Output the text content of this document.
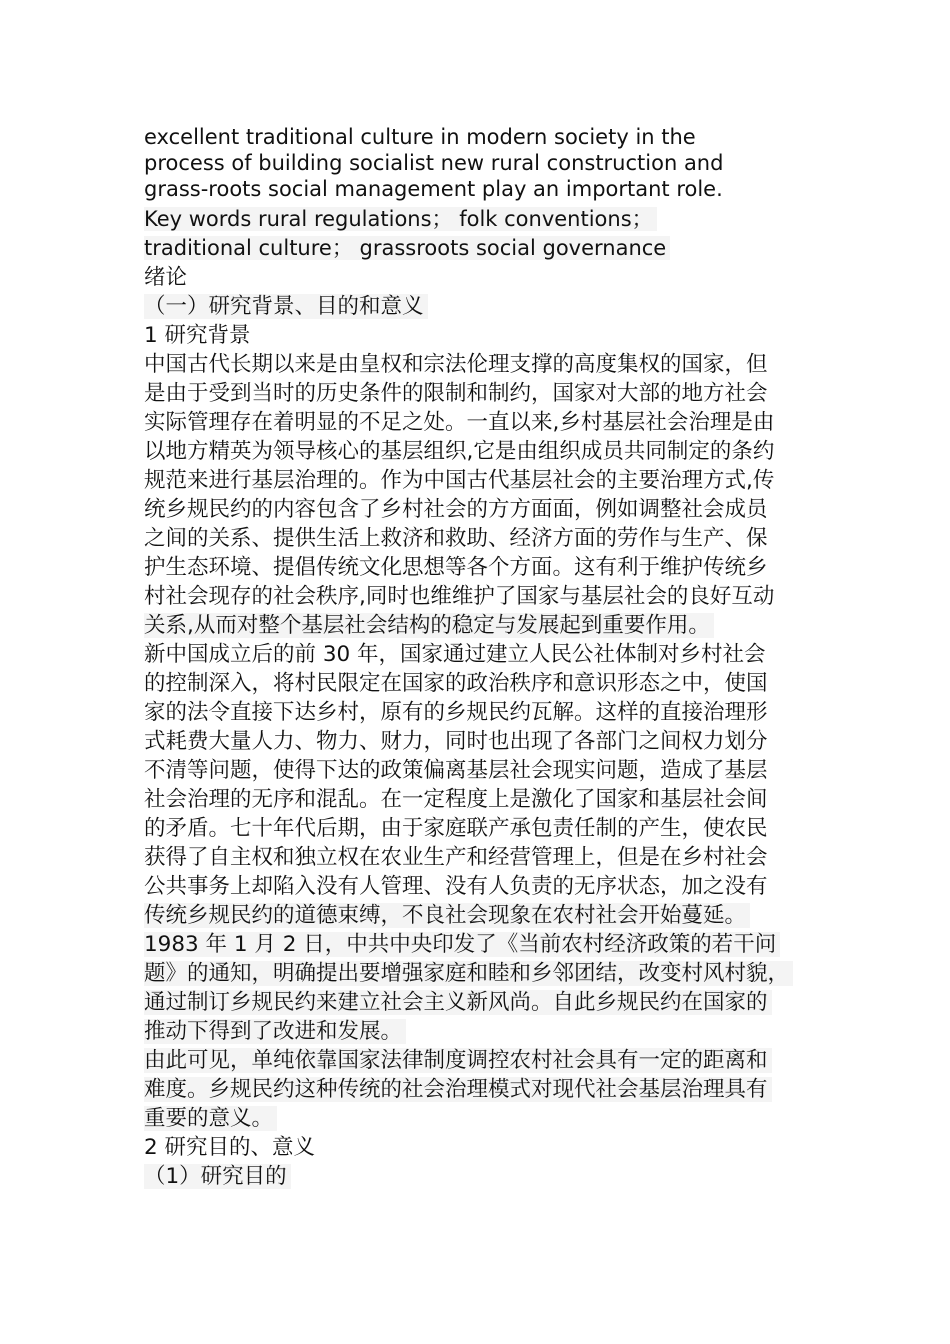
excellent traditional culture in modern society in the
process of building socialist new rural construction and
grass-roots social management play an important role.
Key words rural regulations； folk conventions；
traditional culture； grassroots social governance
绪论
（一）研究背景、目的和意义
1 研究背景
中国古代长期以来是由皇权和宗法伦理支撑的高度集权的国家，但
是由于受到当时的历史条件的限制和制约，国家对大部的地方社会
实际管理存在着明显的不足之处。一直以来,乡村基层社会治理是由
以地方精英为领导核心的基层组织,它是由组织成员共同制定的条约
规范来进行基层治理的。作为中国古代基层社会的主要治理方式,传
统乡规民约的内容包含了乡村社会的方方面面，例如调整社会成员
之间的关系、提供生活上救济和救助、经济方面的劳作与生产、保
护生态环境、提倡传统文化思想等各个方面。这有利于维护传统乡
村社会现存的社会秩序,同时也维维护了国家与基层社会的良好互动
关系,从而对整个基层社会结构的稳定与发展起到重要作用。
新中国成立后的前 30 年，国家通过建立人民公社体制对乡村社会
的控制深入，将村民限定在国家的政治秩序和意识形态之中，使国
家的法令直接下达乡村，原有的乡规民约瓦解。这样的直接治理形
式耗费大量人力、物力、财力，同时也出现了各部门之间权力划分
不清等问题，使得下达的政策偏离基层社会现实问题，造成了基层
社会治理的无序和混乱。在一定程度上是激化了国家和基层社会间
的矛盾。七十年代后期，由于家庭联产承包责任制的产生，使农民
获得了自主权和独立权在农业生产和经营管理上，但是在乡村社会
公共事务上却陷入没有人管理、没有人负责的无序状态，加之没有
传统乡规民约的道德束缚，不良社会现象在农村社会开始蔓延。
1983 年 1 月 2 日，中共中央印发了《当前农村经济政策的若干问
题》的通知，明确提出要增强家庭和睦和乡邻团结，改变村风村貌，
通过制订乡规民约来建立社会主义新风尚。自此乡规民约在国家的
推动下得到了改进和发展。
由此可见，单纯依靠国家法律制度调控农村社会具有一定的距离和
难度。乡规民约这种传统的社会治理模式对现代社会基层治理具有
重要的意义。
2 研究目的、意义
（1）研究目的
